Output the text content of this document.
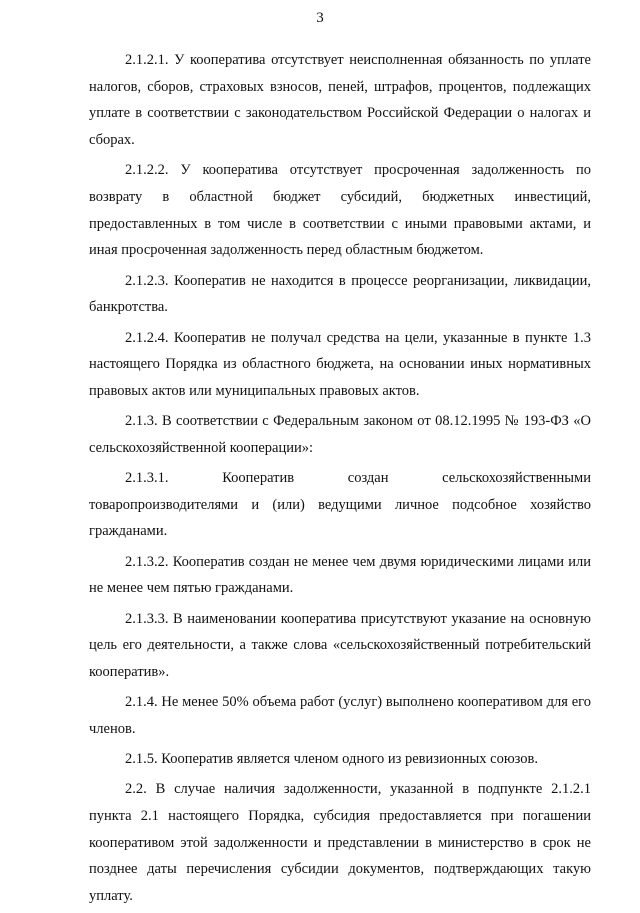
3

2.1.2.1. У кооператива отсутствует неисполненная обязанность по уплате налогов, сборов, страховых взносов, пеней, штрафов, процентов, подлежащих уплате в соответствии с законодательством Российской Федерации о налогах и сборах.

2.1.2.2. У кооператива отсутствует просроченная задолженность по возврату в областной бюджет субсидий, бюджетных инвестиций, предоставленных в том числе в соответствии с иными правовыми актами, и иная просроченная задолженность перед областным бюджетом.

2.1.2.3. Кооператив не находится в процессе реорганизации, ликвидации, банкротства.

2.1.2.4. Кооператив не получал средства на цели, указанные в пункте 1.3 настоящего Порядка из областного бюджета, на основании иных нормативных правовых актов или муниципальных правовых актов.

2.1.3. В соответствии с Федеральным законом от 08.12.1995 № 193-ФЗ «О сельскохозяйственной кооперации»:

2.1.3.1. Кооператив создан сельскохозяйственными товаропроизводителями и (или) ведущими личное подсобное хозяйство гражданами.

2.1.3.2. Кооператив создан не менее чем двумя юридическими лицами или не менее чем пятью гражданами.

2.1.3.3. В наименовании кооператива присутствуют указание на основную цель его деятельности, а также слова «сельскохозяйственный потребительский кооператив».

2.1.4. Не менее 50% объема работ (услуг) выполнено кооперативом для его членов.

2.1.5. Кооператив является членом одного из ревизионных союзов.

2.2. В случае наличия задолженности, указанной в подпункте 2.1.2.1 пункта 2.1 настоящего Порядка, субсидия предоставляется при погашении кооперативом этой задолженности и представлении в министерство в срок не позднее даты перечисления субсидии документов, подтверждающих такую уплату.
